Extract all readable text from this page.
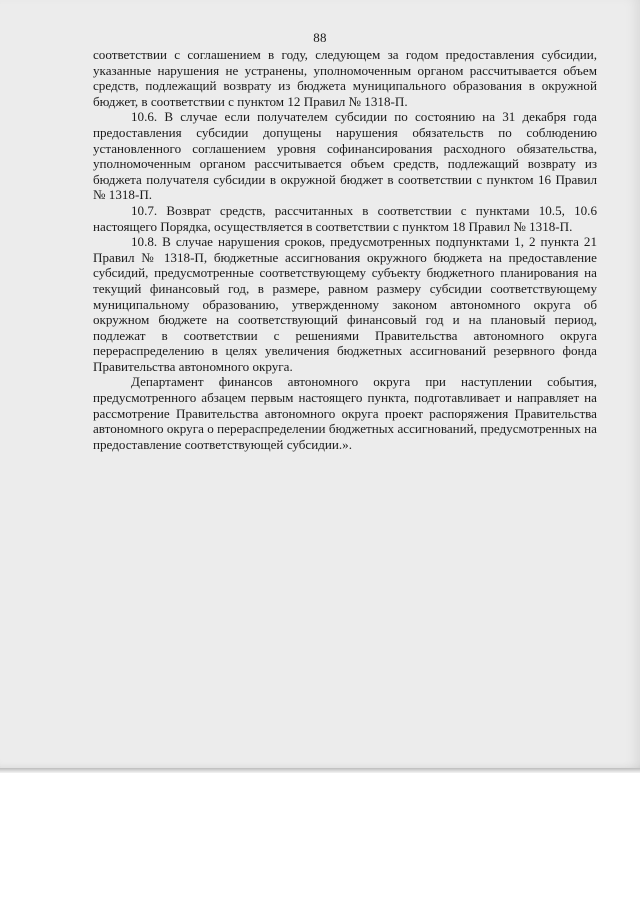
88

соответствии с соглашением в году, следующем за годом предоставления субсидии, указанные нарушения не устранены, уполномоченным органом рассчитывается объем средств, подлежащий возврату из бюджета муниципального образования в окружной бюджет, в соответствии с пунктом 12 Правил № 1318-П.

10.6. В случае если получателем субсидии по состоянию на 31 декабря года предоставления субсидии допущены нарушения обязательств по соблюдению установленного соглашением уровня софинансирования расходного обязательства, уполномоченным органом рассчитывается объем средств, подлежащий возврату из бюджета получателя субсидии в окружной бюджет в соответствии с пунктом 16 Правил № 1318-П.

10.7. Возврат средств, рассчитанных в соответствии с пунктами 10.5, 10.6 настоящего Порядка, осуществляется в соответствии с пунктом 18 Правил № 1318-П.

10.8. В случае нарушения сроков, предусмотренных подпунктами 1, 2 пункта 21 Правил № 1318-П, бюджетные ассигнования окружного бюджета на предоставление субсидий, предусмотренные соответствующему субъекту бюджетного планирования на текущий финансовый год, в размере, равном размеру субсидии соответствующему муниципальному образованию, утвержденному законом автономного округа об окружном бюджете на соответствующий финансовый год и на плановый период, подлежат в соответствии с решениями Правительства автономного округа перераспределению в целях увеличения бюджетных ассигнований резервного фонда Правительства автономного округа.

Департамент финансов автономного округа при наступлении события, предусмотренного абзацем первым настоящего пункта, подготавливает и направляет на рассмотрение Правительства автономного округа проект распоряжения Правительства автономного округа о перераспределении бюджетных ассигнований, предусмотренных на предоставление соответствующей субсидии.».
